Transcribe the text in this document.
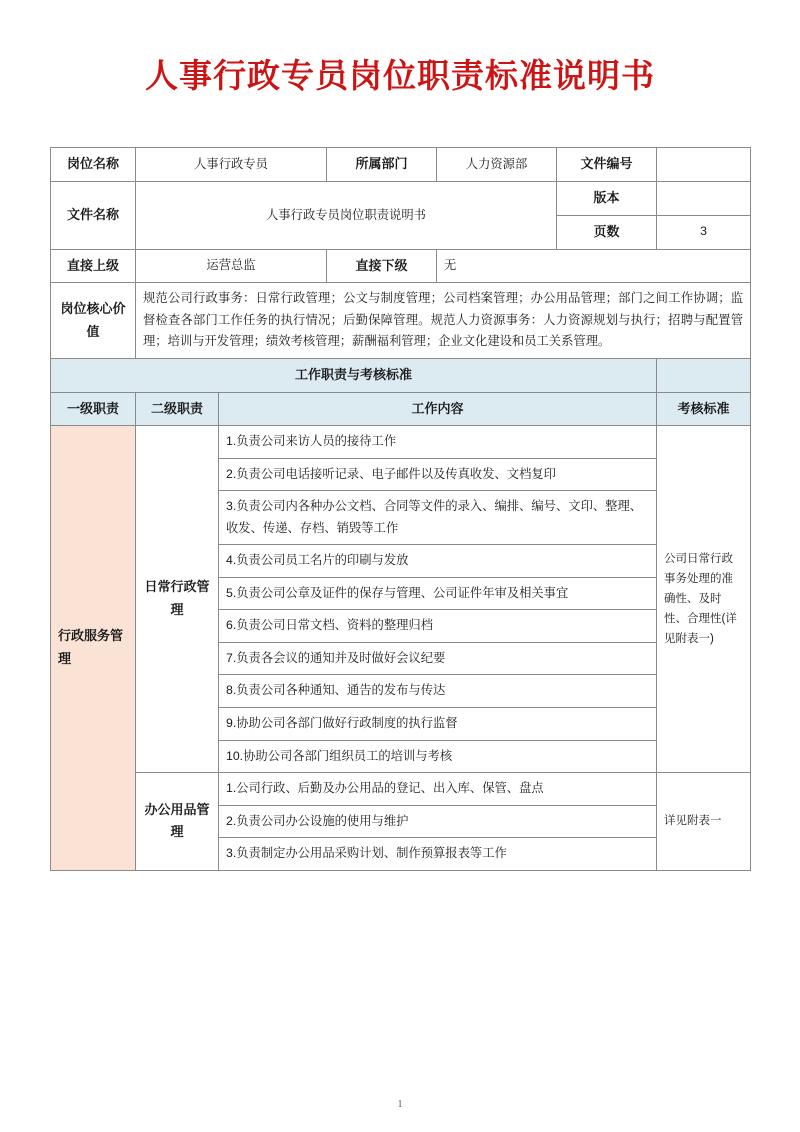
人事行政专员岗位职责标准说明书
岗位名称	人事行政专员		所属部门	人力资源部	文件编号	
文件名称	人事行政专员岗位职责说明书				版本	
					页数	3
直接上级	运营总监		直接下级	无		
岗位核心价值	规范公司行政事务：日常行政管理；公文与制度管理；公司档案管理；办公用品管理；部门之间工作协调；监督检查各部门工作任务的执行情况；后勤保障管理。规范人力资源事务：人力资源规划与执行；招聘与配置管理；培训与开发管理；绩效考核管理；薪酬福利管理；企业文化建设和员工关系管理。					
工作职责与考核标准						
一级职责	二级职责	工作内容				考核标准
行政服务管理	日常行政管理	1.负责公司来访人员的接待工作				公司日常行政事务处理的准确性、及时性、合理性(详见附表一)
		2.负责公司电话接听记录、电子邮件以及传真收发、文档复印				
		3.负责公司内各种办公文档、合同等文件的录入、编排、编号、文印、整理、收发、传递、存档、销毁等工作				
		4.负责公司员工名片的印刷与发放				
		5.负责公司公章及证件的保存与管理、公司证件年审及相关事宜				
		6.负责公司日常文档、资料的整理归档				
		7.负责各会议的通知并及时做好会议纪要				
		8.负责公司各种通知、通告的发布与传达				
		9.协助公司各部门做好行政制度的执行监督				
		10.协助公司各部门组织员工的培训与考核				
	办公用品管理	1.公司行政、后勤及办公用品的登记、出入库、保管、盘点				详见附表一
		2.负责公司办公设施的使用与维护				
		3.负责制定办公用品采购计划、制作预算报表等工作				
1
